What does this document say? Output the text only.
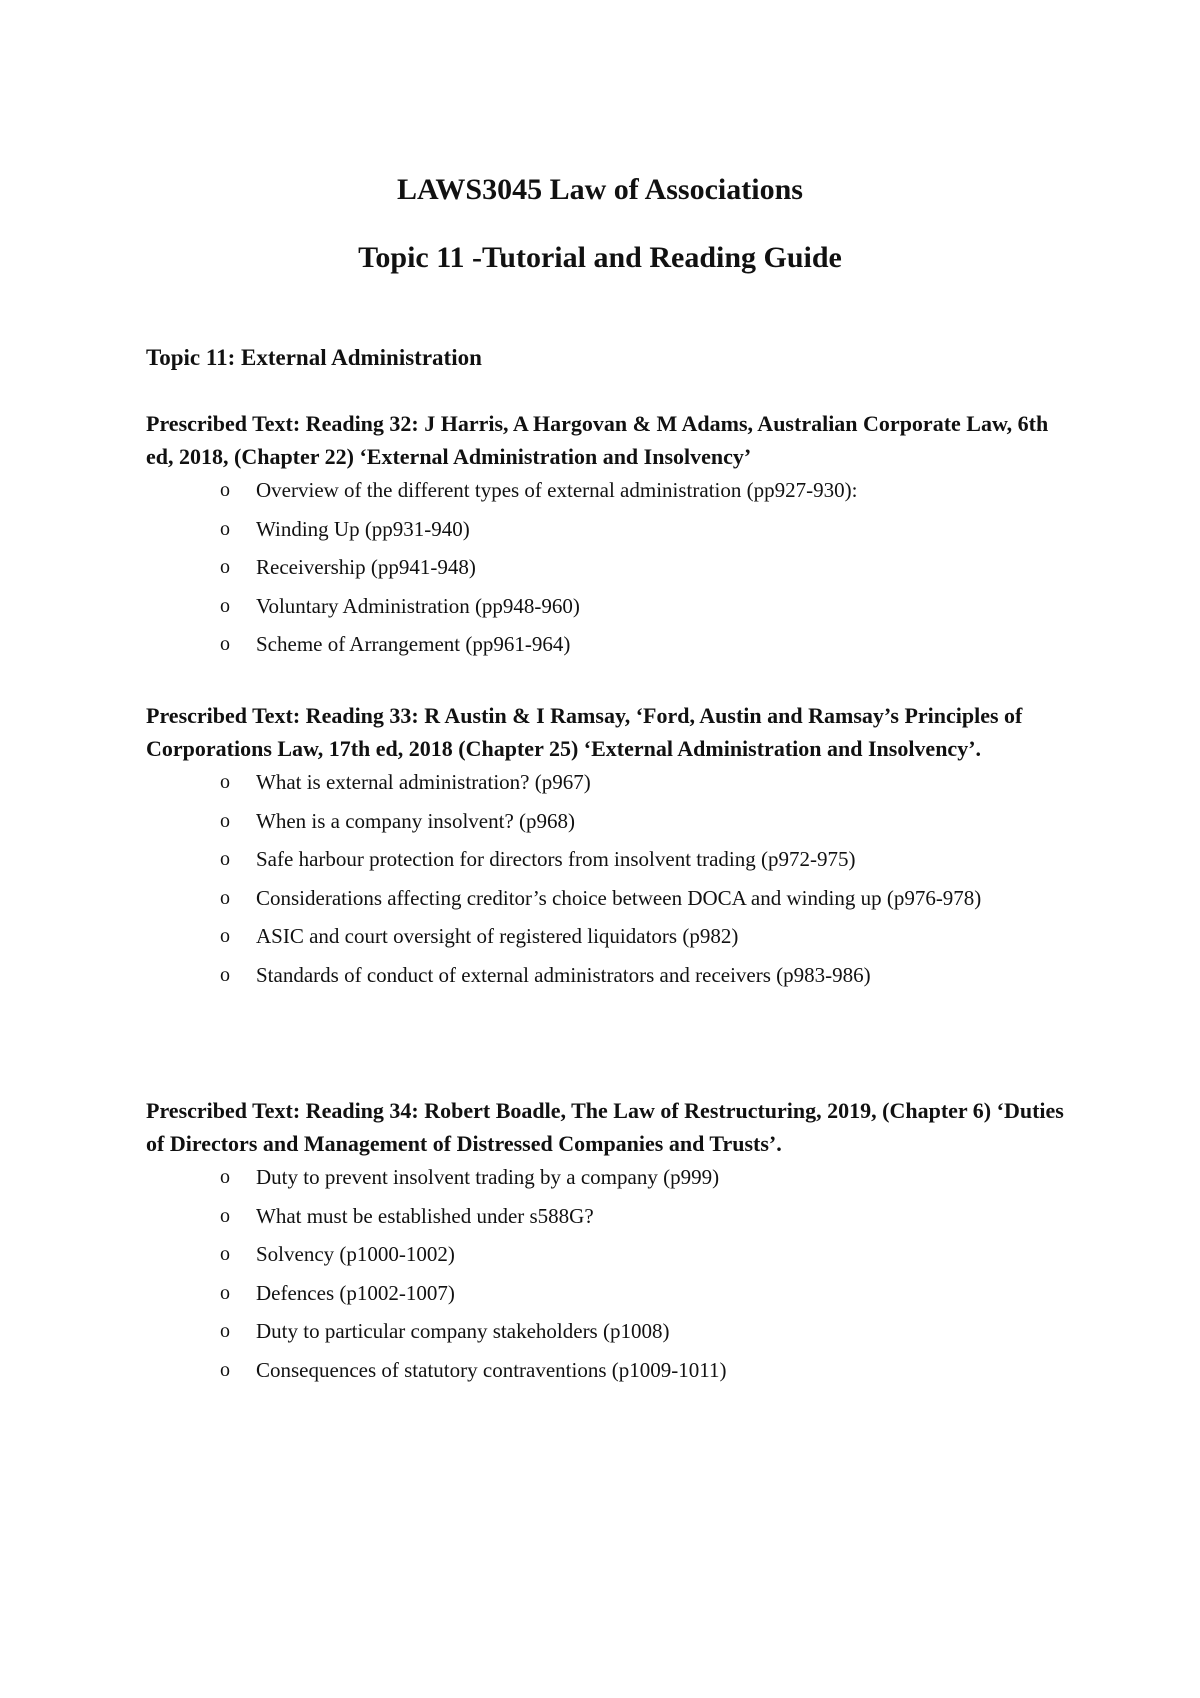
LAWS3045 Law of Associations
Topic 11 -Tutorial and Reading Guide
Topic 11: External Administration

Prescribed Text: Reading 32: J Harris, A Hargovan & M Adams, Australian Corporate Law, 6th ed, 2018, (Chapter 22) ‘External Administration and Insolvency’

o Overview of the different types of external administration (pp927-930):
o Winding Up (pp931-940)
o Receivership (pp941-948)
o Voluntary Administration (pp948-960)
o Scheme of Arrangement (pp961-964)

Prescribed Text: Reading 33: R Austin & I Ramsay, ‘Ford, Austin and Ramsay’s Principles of Corporations Law, 17th ed, 2018 (Chapter 25) ‘External Administration and Insolvency’.

o What is external administration? (p967)
o When is a company insolvent? (p968)
o Safe harbour protection for directors from insolvent trading (p972-975)
o Considerations affecting creditor’s choice between DOCA and winding up (p976-978)
o ASIC and court oversight of registered liquidators (p982)
o Standards of conduct of external administrators and receivers (p983-986)

Prescribed Text: Reading 34: Robert Boadle, The Law of Restructuring, 2019, (Chapter 6) ‘Duties of Directors and Management of Distressed Companies and Trusts’.

o Duty to prevent insolvent trading by a company (p999)
o What must be established under s588G?
o Solvency (p1000-1002)
o Defences (p1002-1007)
o Duty to particular company stakeholders (p1008)
o Consequences of statutory contraventions (p1009-1011)
